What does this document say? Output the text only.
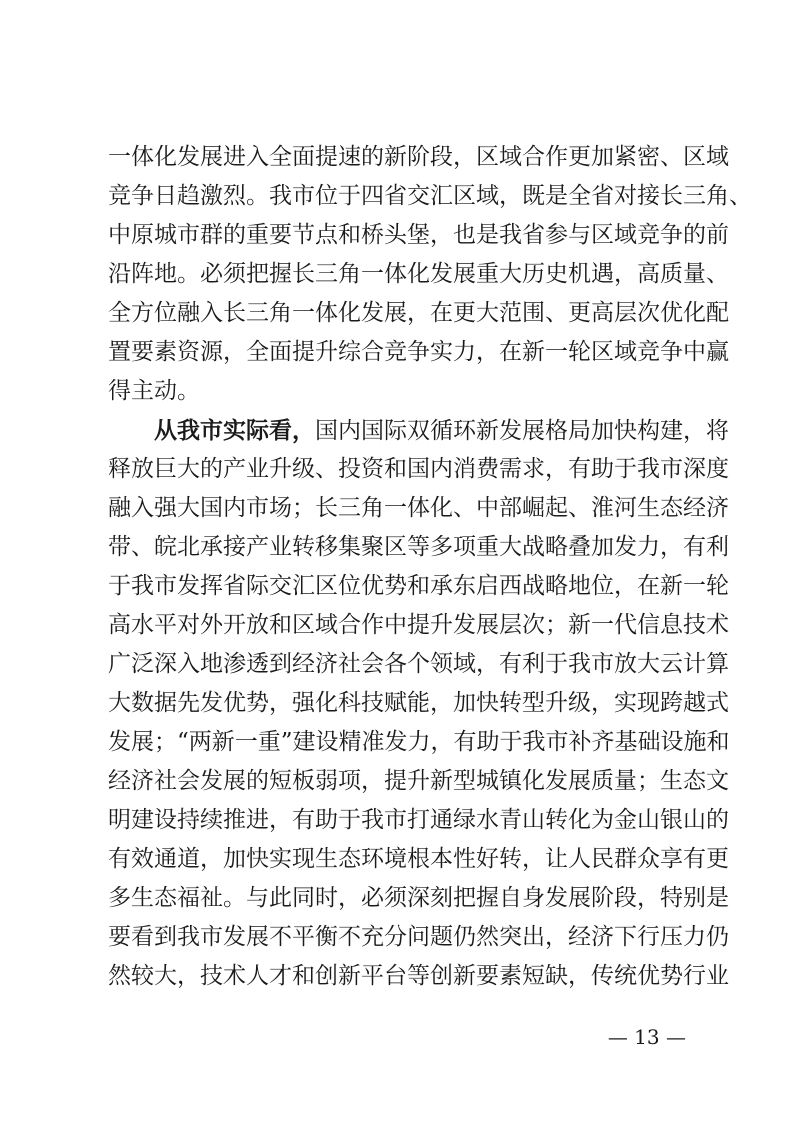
一体化发展进入全面提速的新阶段，区域合作更加紧密、区域
竞争日趋激烈。我市位于四省交汇区域，既是全省对接长三角、
中原城市群的重要节点和桥头堡，也是我省参与区域竞争的前
沿阵地。必须把握长三角一体化发展重大历史机遇，高质量、
全方位融入长三角一体化发展，在更大范围、更高层次优化配
置要素资源，全面提升综合竞争实力，在新一轮区域竞争中赢
得主动。
从我市实际看，国内国际双循环新发展格局加快构建，将
释放巨大的产业升级、投资和国内消费需求，有助于我市深度
融入强大国内市场；长三角一体化、中部崛起、淮河生态经济
带、皖北承接产业转移集聚区等多项重大战略叠加发力，有利
于我市发挥省际交汇区位优势和承东启西战略地位，在新一轮
高水平对外开放和区域合作中提升发展层次；新一代信息技术
广泛深入地渗透到经济社会各个领域，有利于我市放大云计算
大数据先发优势，强化科技赋能，加快转型升级，实现跨越式
发展；“两新一重”建设精准发力，有助于我市补齐基础设施和
经济社会发展的短板弱项，提升新型城镇化发展质量；生态文
明建设持续推进，有助于我市打通绿水青山转化为金山银山的
有效通道，加快实现生态环境根本性好转，让人民群众享有更
多生态福祉。与此同时，必须深刻把握自身发展阶段，特别是
要看到我市发展不平衡不充分问题仍然突出，经济下行压力仍
然较大，技术人才和创新平台等创新要素短缺，传统优势行业
— 13 —
